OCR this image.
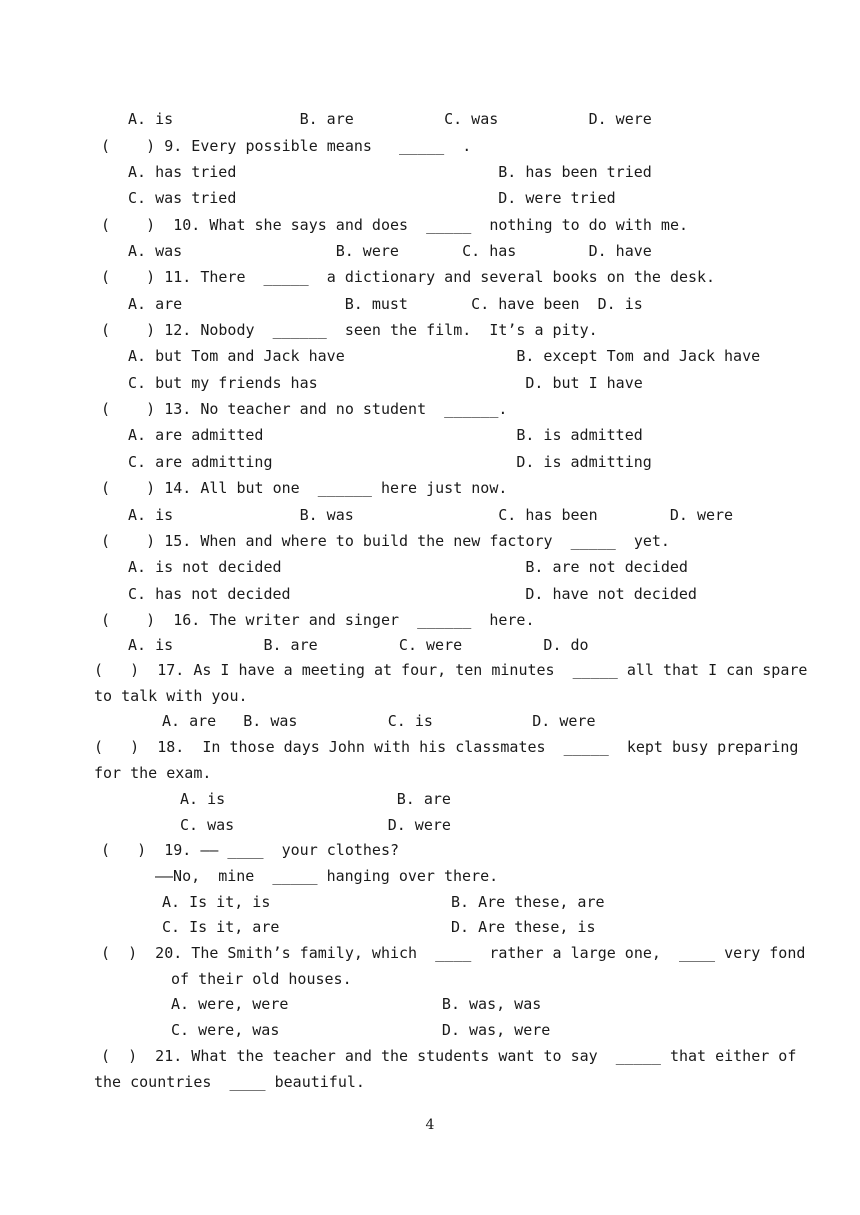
A. is              B. are          C. was          D. were
(    ) 9. Every possible means   _____  .
A. has tried                             B. has been tried
C. was tried                             D. were tried
(    )  10. What she says and does  _____  nothing to do with me.
A. was                 B. were       C. has        D. have
(    ) 11. There  _____  a dictionary and several books on the desk.
A. are                  B. must       C. have been  D. is
(    ) 12. Nobody  ______  seen the film.  It’s a pity.
A. but Tom and Jack have                   B. except Tom and Jack have
C. but my friends has                       D. but I have
(    ) 13. No teacher and no student  ______.
A. are admitted                            B. is admitted
C. are admitting                           D. is admitting
(    ) 14. All but one  ______ here just now.
A. is              B. was                C. has been        D. were
(    ) 15. When and where to build the new factory  _____  yet.
A. is not decided                           B. are not decided
C. has not decided                          D. have not decided
(    )  16. The writer and singer  ______  here.
A. is          B. are         C. were         D. do
(   )  17. As I have a meeting at four, ten minutes  _____ all that I can spare
to talk with you.
A. are   B. was          C. is           D. were
(   )  18.  In those days John with his classmates  _____  kept busy preparing
for the exam.
A. is                   B. are
C. was                 D. were
(   )  19. —— ____  your clothes?
——No,  mine  _____ hanging over there.
A. Is it, is                    B. Are these, are
C. Is it, are                   D. Are these, is
(  )  20. The Smith’s family, which  ____  rather a large one,  ____ very fond
of their old houses.
A. were, were                 B. was, was
C. were, was                  D. was, were
(  )  21. What the teacher and the students want to say  _____ that either of
the countries  ____ beautiful.
4
